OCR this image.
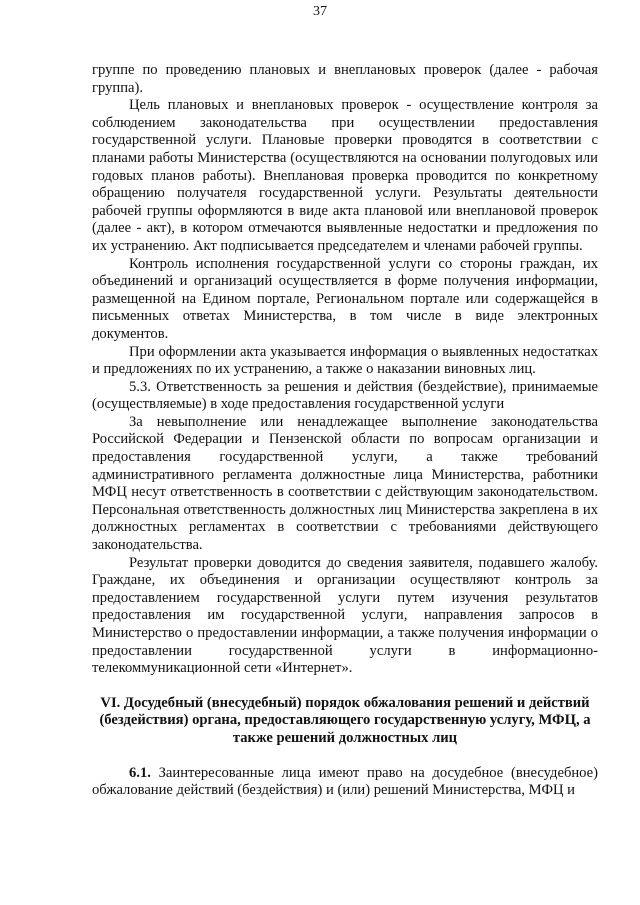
37

группе по проведению плановых и внеплановых проверок (далее - рабочая группа).

Цель плановых и внеплановых проверок - осуществление контроля за соблюдением законодательства при осуществлении предоставления государственной услуги. Плановые проверки проводятся в соответствии с планами работы Министерства (осуществляются на основании полугодовых или годовых планов работы). Внеплановая проверка проводится по конкретному обращению получателя государственной услуги. Результаты деятельности рабочей группы оформляются в виде акта плановой или внеплановой проверок (далее - акт), в котором отмечаются выявленные недостатки и предложения по их устранению. Акт подписывается председателем и членами рабочей группы.

Контроль исполнения государственной услуги со стороны граждан, их объединений и организаций осуществляется в форме получения информации, размещенной на Едином портале, Региональном портале или содержащейся в письменных ответах Министерства, в том числе в виде электронных документов.

При оформлении акта указывается информация о выявленных недостатках и предложениях по их устранению, а также о наказании виновных лиц.

5.3. Ответственность за решения и действия (бездействие), принимаемые (осуществляемые) в ходе предоставления государственной услуги

За невыполнение или ненадлежащее выполнение законодательства Российской Федерации и Пензенской области по вопросам организации и предоставления государственной услуги, а также требований административного регламента должностные лица Министерства, работники МФЦ несут ответственность в соответствии с действующим законодательством. Персональная ответственность должностных лиц Министерства закреплена в их должностных регламентах в соответствии с требованиями действующего законодательства.

Результат проверки доводится до сведения заявителя, подавшего жалобу. Граждане, их объединения и организации осуществляют контроль за предоставлением государственной услуги путем изучения результатов предоставления им государственной услуги, направления запросов в Министерство о предоставлении информации, а также получения информации о предоставлении государственной услуги в информационно-телекоммуникационной сети «Интернет».

VI. Досудебный (внесудебный) порядок обжалования решений и действий (бездействия) органа, предоставляющего государственную услугу, МФЦ, а также решений должностных лиц

6.1. Заинтересованные лица имеют право на досудебное (внесудебное) обжалование действий (бездействия) и (или) решений Министерства, МФЦ и
